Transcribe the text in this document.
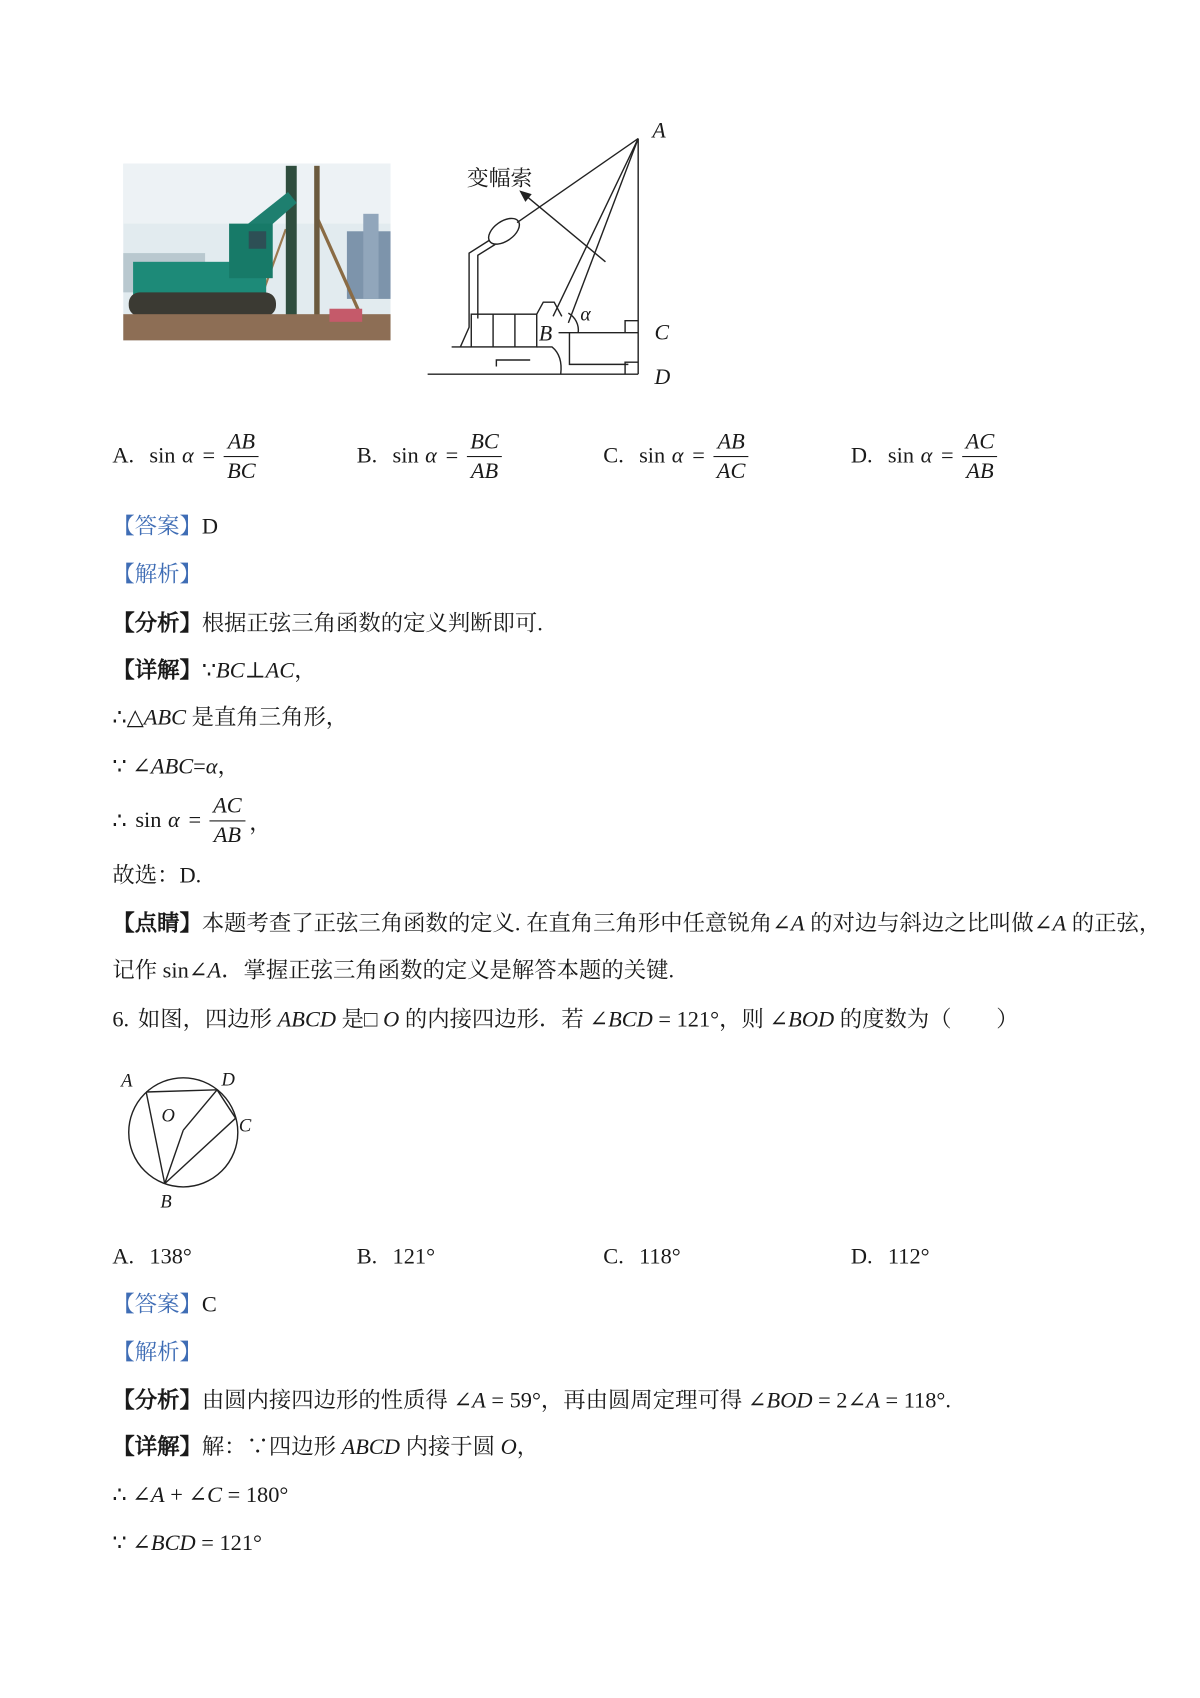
变幅索
A
C
D
B
α
A. $\sin \alpha = \frac{AB}{BC}$	B. $\sin \alpha = \frac{BC}{AB}$	C. $\sin \alpha = \frac{AB}{AC}$	D. $\sin \alpha = \frac{AC}{AB}$
【答案】D
【解析】
【分析】根据正弦三角函数的定义判断即可.
【详解】∵BC⊥AC，
∴△ABC 是直角三角形，
∵ ∠ABC=α，
∴ $\sin \alpha = \frac{AC}{AB}$ ，
故选：D.
【点睛】本题考查了正弦三角函数的定义. 在直角三角形中任意锐角∠A 的对边与斜边之比叫做∠A 的正弦，
记作 sin∠A．掌握正弦三角函数的定义是解答本题的关键.
6. 如图，四边形 ABCD 是□ O 的内接四边形．若 ∠BCD = 121°，则 ∠BOD 的度数为（　　）
A	D
C
O
B
A. 138°	B. 121°	C. 118°	D. 112°
【答案】C
【解析】
【分析】由圆内接四边形的性质得 ∠A = 59°，再由圆周定理可得 ∠BOD = 2∠A = 118°.
【详解】解：∵四边形 ABCD 内接于圆 O，
∴ ∠A + ∠C = 180°
∵ ∠BCD = 121°
